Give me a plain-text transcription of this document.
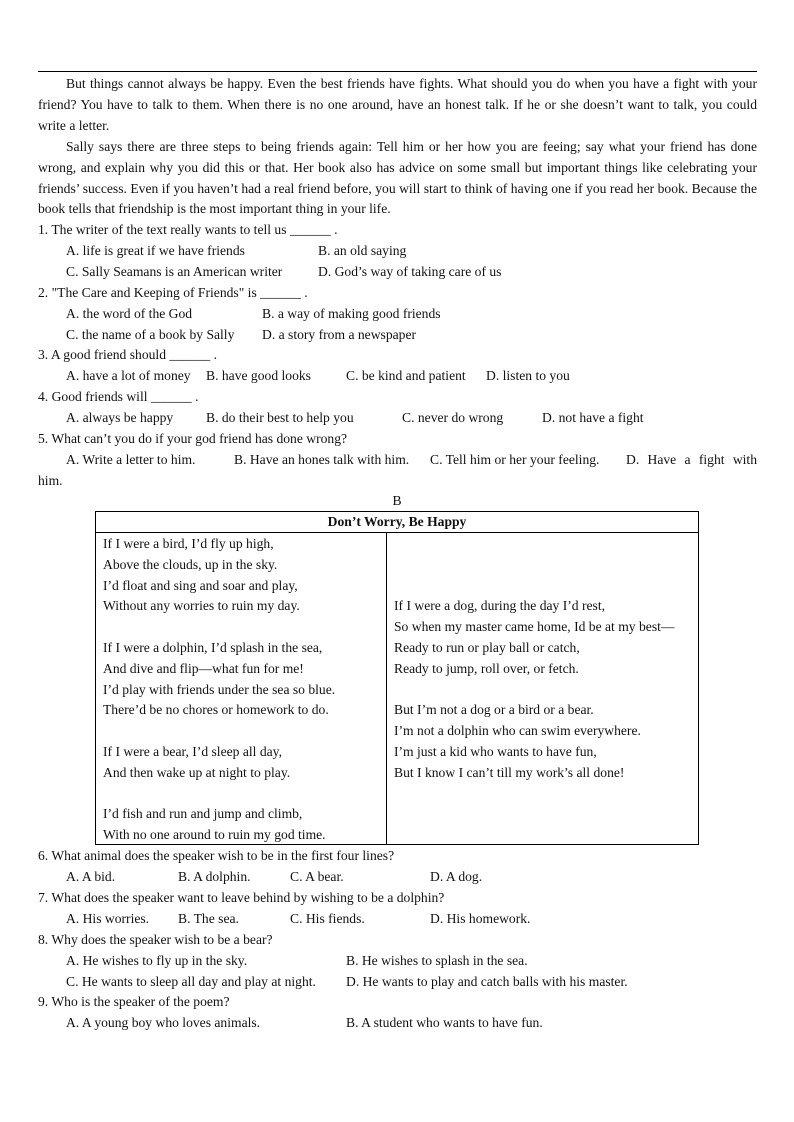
But things cannot always be happy. Even the best friends have fights. What should you do when you have a fight with your friend? You have to talk to them. When there is no one around, have an honest talk. If he or she doesn’t want to talk, you could write a letter.

Sally says there are three steps to being friends again: Tell him or her how you are feeing; say what your friend has done wrong, and explain why you did this or that. Her book also has advice on some small but important things like celebrating your friends’ success. Even if you haven’t had a real friend before, you will start to think of having one if you read her book. Because the book tells that friendship is the most important thing in your life.

1. The writer of the text really wants to tell us ______ .
A. life is great if we have friends	B. an old saying
C. Sally Seamans is an American writer	D. God’s way of taking care of us
2. "The Care and Keeping of Friends" is ______ .
A. the word of the God	B. a way of making good friends
C. the name of a book by Sally D. a story from a newspaper
3. A good friend should ______ .
A. have a lot of money B. have good looks	C. be kind and patient D. listen to you
4. Good friends will ______ .
A. always be happy B. do their best to help you	C. never do wrong	D. not have a fight
5. What can’t you do if your god friend has done wrong?
A. Write a letter to him.	B. Have an hones talk with him. C. Tell him or her your feeling. D. Have a fight with
him.
B
Don’t Worry, Be Happy

If I were a bird, I’d fly up high,
Above the clouds, up in the sky.
I’d float and sing and soar and play,
Without any worries to ruin my day.
If I were a dolphin, I’d splash in the sea,
And dive and flip—what fun for me!
I’d play with friends under the sea so blue.
There’d be no chores or homework to do.
If I were a bear, I’d sleep all day,
And then wake up at night to play.
I’d fish and run and jump and climb,
With no one around to ruin my god time.

If I were a dog, during the day I’d rest,
So when my master came home, Id be at my best—
Ready to run or play ball or catch,
Ready to jump, roll over, or fetch.
But I’m not a dog or a bird or a bear.
I’m not a dolphin who can swim everywhere.
I’m just a kid who wants to have fun,
But I know I can’t till my work’s all done!
6. What animal does the speaker wish to be in the first four lines?
A. A bid.	B. A dolphin.	C. A bear.	D. A dog.
7. What does the speaker want to leave behind by wishing to be a dolphin?
A. His worries. B. The sea.	C. His fiends.	D. His homework.
8. Why does the speaker wish to be a bear?
A. He wishes to fly up in the sky.	B. He wishes to splash in the sea.
C. He wants to sleep all day and play at night. D. He wants to play and catch balls with his master.
9. Who is the speaker of the poem?
A. A young boy who loves animals.	B. A student who wants to have fun.
